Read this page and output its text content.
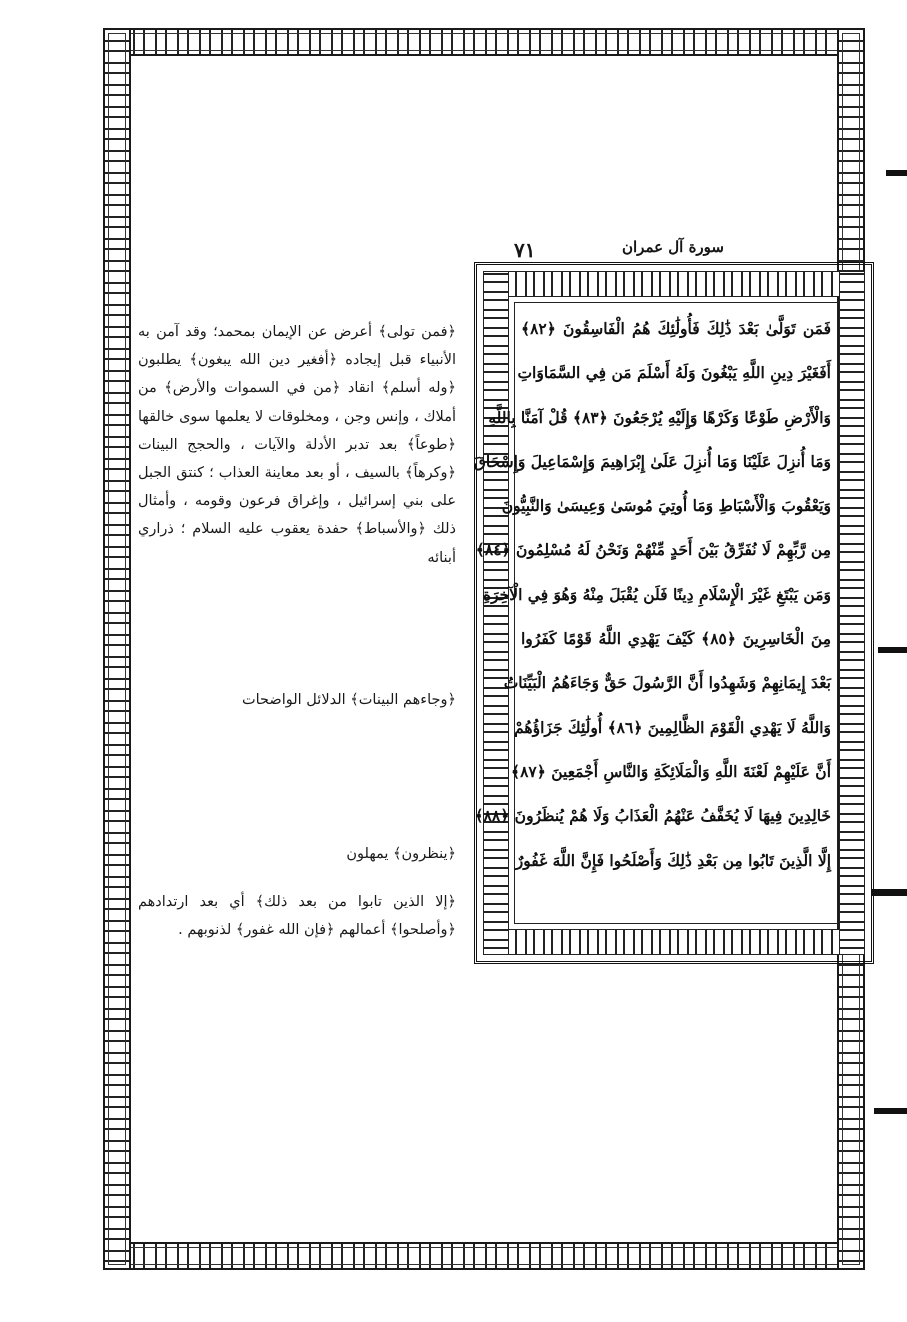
٧١	سورة آل عمران
فَمَن تَوَلَّىٰ بَعْدَ ذَٰلِكَ فَأُولَٰئِكَ هُمُ الْفَاسِقُونَ ﴿٨٢﴾
أَفَغَيْرَ دِينِ اللَّهِ يَبْغُونَ وَلَهُ أَسْلَمَ مَن فِي السَّمَاوَاتِ
وَالْأَرْضِ طَوْعًا وَكَرْهًا وَإِلَيْهِ يُرْجَعُونَ ﴿٨٣﴾ قُلْ آمَنَّا بِاللَّهِ
وَمَا أُنزِلَ عَلَيْنَا وَمَا أُنزِلَ عَلَىٰ إِبْرَاهِيمَ وَإِسْمَاعِيلَ وَإِسْحَاقَ
وَيَعْقُوبَ وَالْأَسْبَاطِ وَمَا أُوتِيَ مُوسَىٰ وَعِيسَىٰ وَالنَّبِيُّونَ
مِن رَّبِّهِمْ لَا نُفَرِّقُ بَيْنَ أَحَدٍ مِّنْهُمْ وَنَحْنُ لَهُ مُسْلِمُونَ ﴿٨٤﴾
وَمَن يَبْتَغِ غَيْرَ الْإِسْلَامِ دِينًا فَلَن يُقْبَلَ مِنْهُ وَهُوَ فِي الْآخِرَةِ
مِنَ الْخَاسِرِينَ ﴿٨٥﴾ كَيْفَ يَهْدِي اللَّهُ قَوْمًا كَفَرُوا
بَعْدَ إِيمَانِهِمْ وَشَهِدُوا أَنَّ الرَّسُولَ حَقٌّ وَجَاءَهُمُ الْبَيِّنَاتُ
وَاللَّهُ لَا يَهْدِي الْقَوْمَ الظَّالِمِينَ ﴿٨٦﴾ أُولَٰئِكَ جَزَاؤُهُمْ
أَنَّ عَلَيْهِمْ لَعْنَةَ اللَّهِ وَالْمَلَائِكَةِ وَالنَّاسِ أَجْمَعِينَ ﴿٨٧﴾
خَالِدِينَ فِيهَا لَا يُخَفَّفُ عَنْهُمُ الْعَذَابُ وَلَا هُمْ يُنظَرُونَ ﴿٨٨﴾
إِلَّا الَّذِينَ تَابُوا مِن بَعْدِ ذَٰلِكَ وَأَصْلَحُوا فَإِنَّ اللَّهَ غَفُورٌ

﴿فمن تولى﴾ أعرض عن الإيمان بمحمد؛ وقد آمن به الأنبياء قبل إيجاده ﴿أفغير دين الله يبغون﴾ يطلبون ﴿وله أسلم﴾ انقاد ﴿من في السموات والأرض﴾ من أملاك ، وإنس وجن ، ومخلوقات لا يعلمها سوى خالقها ﴿طوعاً﴾ بعد تدبر الأدلة والآيات ، والحجج البينات ﴿وكرهاً﴾ بالسيف ، أو بعد معاينة العذاب ؛ كنتق الجبل على بني إسرائيل ، وإغراق فرعون وقومه ، وأمثال ذلك ﴿والأسباط﴾ حفدة يعقوب عليه السلام ؛ ذراري أبنائه

﴿وجاءهم البينات﴾ الدلائل الواضحات

﴿ينظرون﴾ يمهلون

﴿إلا الذين تابوا من بعد ذلك﴾ أي بعد ارتدادهم ﴿وأصلحوا﴾ أعمالهم ﴿فإن الله غفور﴾ لذنوبهم .
